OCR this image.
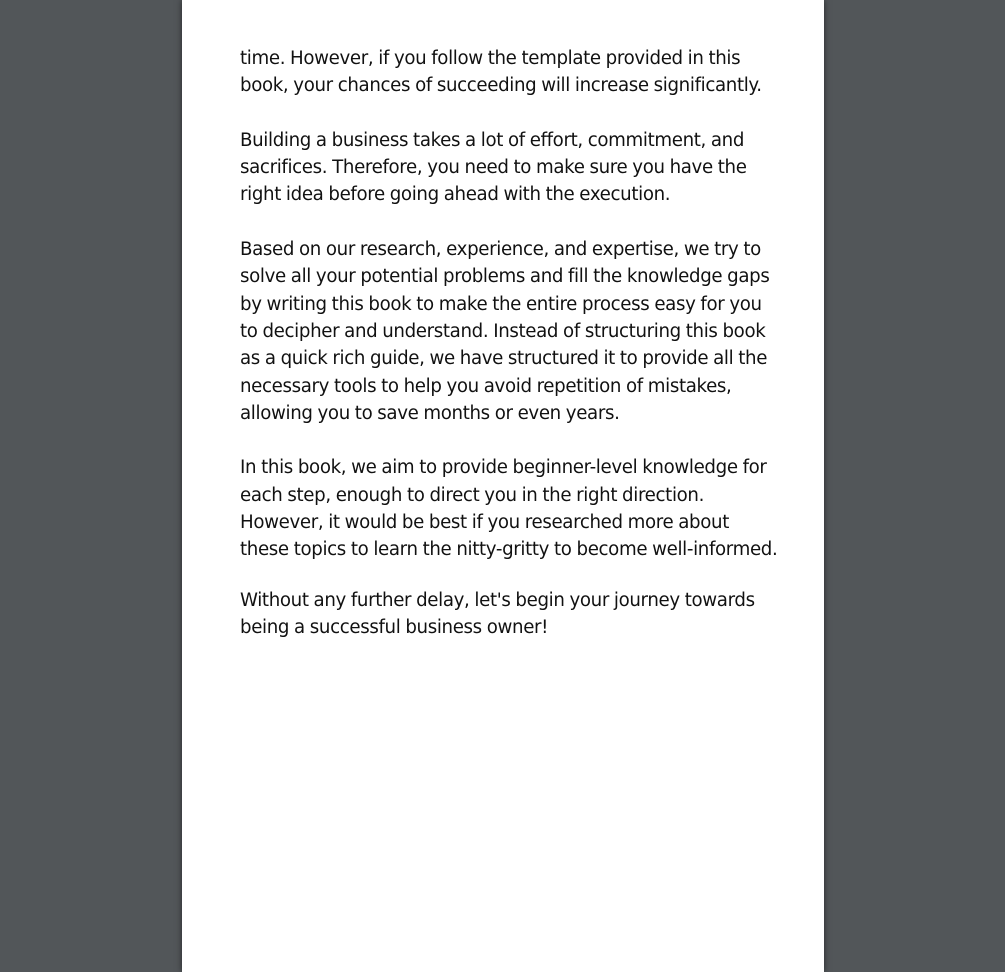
time. However, if you follow the template provided in this
book, your chances of succeeding will increase significantly.
Building a business takes a lot of effort, commitment, and
sacrifices. Therefore, you need to make sure you have the
right idea before going ahead with the execution.
Based on our research, experience, and expertise, we try to
solve all your potential problems and fill the knowledge gaps
by writing this book to make the entire process easy for you
to decipher and understand. Instead of structuring this book
as a quick rich guide, we have structured it to provide all the
necessary tools to help you avoid repetition of mistakes,
allowing you to save months or even years.
In this book, we aim to provide beginner-level knowledge for
each step, enough to direct you in the right direction.
However, it would be best if you researched more about
these topics to learn the nitty-gritty to become well-informed.
Without any further delay, let's begin your journey towards
being a successful business owner!
